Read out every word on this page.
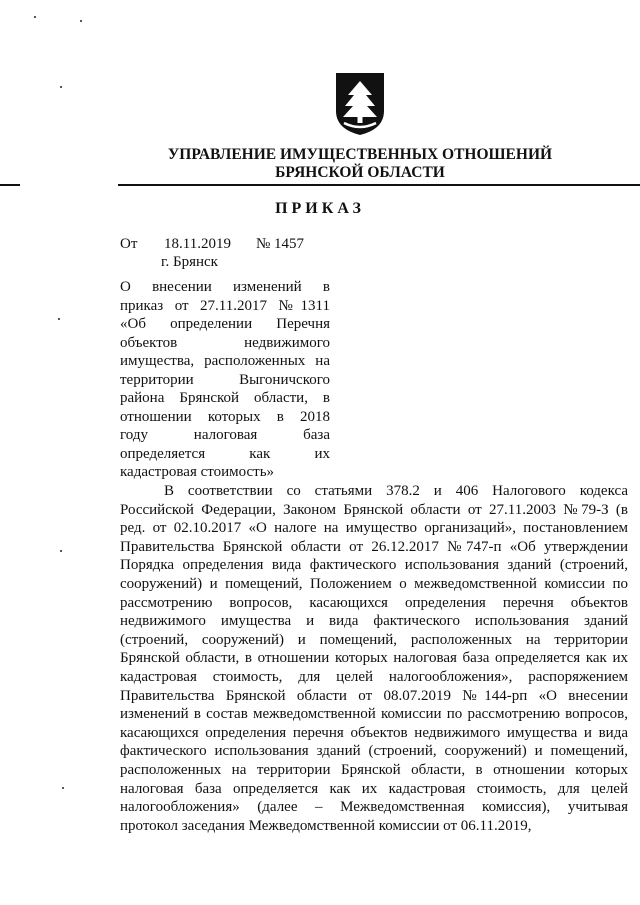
УПРАВЛЕНИЕ ИМУЩЕСТВЕННЫХ ОТНОШЕНИЙ
БРЯНСКОЙ ОБЛАСТИ
ПРИКАЗ
От 18.11.2019 № 1457
г. Брянск
О внесении изменений в
приказ от 27.11.2017 №1311
«Об определении Перечня
объектов недвижимого
имущества, расположенных на
территории Выгоничского
района Брянской области, в
отношении которых в 2018
году налоговая база
определяется как их
кадастровая стоимость»
В соответствии со статьями 378.2 и 406 Налогового кодекса
Российской Федерации, Законом Брянской области от 27.11.2003 №79-З (в
ред. от 02.10.2017 «О налоге на имущество организаций», постановлением
Правительства Брянской области от 26.12.2017 №747-п «Об утверждении
Порядка определения вида фактического использования зданий (строений,
сооружений) и помещений, Положением о межведомственной комиссии по
рассмотрению вопросов, касающихся определения перечня объектов
недвижимого имущества и вида фактического использования зданий
(строений, сооружений) и помещений, расположенных на территории
Брянской области, в отношении которых налоговая база определяется как их
кадастровая стоимость, для целей налогообложения», распоряжением
Правительства Брянской области от 08.07.2019 №144-рп «О внесении
изменений в состав межведомственной комиссии по рассмотрению вопросов,
касающихся определения перечня объектов недвижимого имущества и вида
фактического использования зданий (строений, сооружений) и помещений,
расположенных на территории Брянской области, в отношении которых
налоговая база определяется как их кадастровая стоимость, для целей
налогообложения» (далее – Межведомственная комиссия), учитывая
протокол заседания Межведомственной комиссии от 06.11.2019,
